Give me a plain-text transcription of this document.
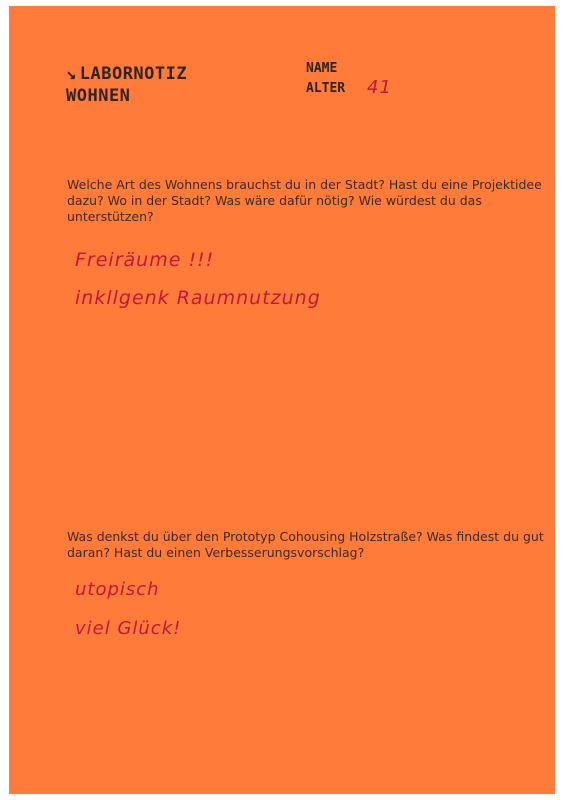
↘ LABORNOTIZ
WOHNEN
NAME
ALTER 41
Welche Art des Wohnens brauchst du in der Stadt? Hast du eine Projektidee dazu? Wo in der Stadt? Was wäre dafür nötig? Wie würdest du das unterstützen?
Freiräume !!!
inkllgenk Raumnutzung
Was denkst du über den Prototyp Cohousing Holzstraße? Was findest du gut daran? Hast du einen Verbesserungsvorschlag?
utopisch
viel Glück!
